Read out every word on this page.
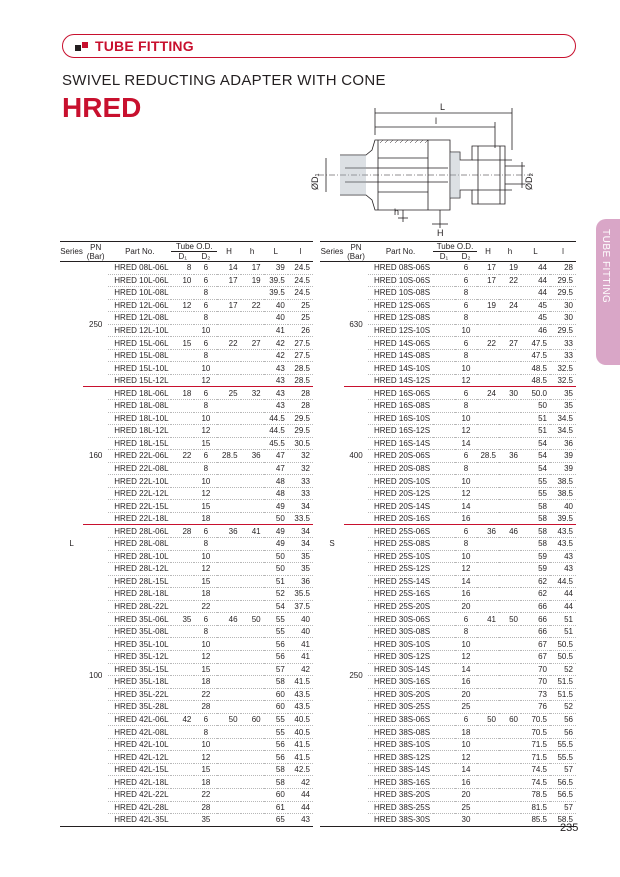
TUBE FITTING
SWIVEL REDUCTING ADAPTER WITH CONE
HRED
TUBE FITTING
L
l
ØD₁	ØD₂
h
H
Series	PN
(Bar)	Part No.	Tube O.D.		H	h	L	l
			D₁	D₂				
L	250	HRED 08L-06L	8	6	14	17	39	24.5
		HRED 10L-06L	10	6	17	19	39.5	24.5
		HRED 10L-08L		8			39.5	24.5
		HRED 12L-06L	12	6	17	22	40	25
		HRED 12L-08L		8			40	25
		HRED 12L-10L		10			41	26
		HRED 15L-06L	15	6	22	27	42	27.5
		HRED 15L-08L		8			42	27.5
		HRED 15L-10L		10			43	28.5
		HRED 15L-12L		12			43	28.5
	160	HRED 18L-06L	18	6	25	32	43	28
		HRED 18L-08L		8			43	28
		HRED 18L-10L		10			44.5	29.5
		HRED 18L-12L		12			44.5	29.5
		HRED 18L-15L		15			45.5	30.5
		HRED 22L-06L	22	6	28.5	36	47	32
		HRED 22L-08L		8			47	32
		HRED 22L-10L		10			48	33
		HRED 22L-12L		12			48	33
		HRED 22L-15L		15			49	34
		HRED 22L-18L		18			50	33.5
	100	HRED 28L-06L	28	6	36	41	49	34
		HRED 28L-08L		8			49	34
		HRED 28L-10L		10			50	35
		HRED 28L-12L		12			50	35
		HRED 28L-15L		15			51	36
		HRED 28L-18L		18			52	35.5
		HRED 28L-22L		22			54	37.5
		HRED 35L-06L	35	6	46	50	55	40
		HRED 35L-08L		8			55	40
		HRED 35L-10L		10			56	41
		HRED 35L-12L		12			56	41
		HRED 35L-15L		15			57	42
		HRED 35L-18L		18			58	41.5
		HRED 35L-22L		22			60	43.5
		HRED 35L-28L		28			60	43.5
		HRED 42L-06L	42	6	50	60	55	40.5
		HRED 42L-08L		8			55	40.5
		HRED 42L-10L		10			56	41.5
		HRED 42L-12L		12			56	41.5
		HRED 42L-15L		15			58	42.5
		HRED 42L-18L		18			58	42
		HRED 42L-22L		22			60	44
		HRED 42L-28L		28			61	44
		HRED 42L-35L		35			65	43
Series	PN
(Bar)	Part No.	Tube O.D.		H	h	L	l
			D₁	D₂				
S	630	HRED 08S-06S		6	17	19	44	28
		HRED 10S-06S		6	17	22	44	29.5
		HRED 10S-08S		8			44	29.5
		HRED 12S-06S		6	19	24	45	30
		HRED 12S-08S		8			45	30
		HRED 12S-10S		10			46	29.5
		HRED 14S-06S		6	22	27	47.5	33
		HRED 14S-08S		8			47.5	33
		HRED 14S-10S		10			48.5	32.5
		HRED 14S-12S		12			48.5	32.5
	400	HRED 16S-06S		6	24	30	50.0	35
		HRED 16S-08S		8			50	35
		HRED 16S-10S		10			51	34.5
		HRED 16S-12S		12			51	34.5
		HRED 16S-14S		14			54	36
		HRED 20S-06S		6	28.5	36	54	39
		HRED 20S-08S		8			54	39
		HRED 20S-10S		10			55	38.5
		HRED 20S-12S		12			55	38.5
		HRED 20S-14S		14			58	40
		HRED 20S-16S		16			58	39.5
	250	HRED 25S-06S		6	36	46	58	43.5
		HRED 25S-08S		8			58	43.5
		HRED 25S-10S		10			59	43
		HRED 25S-12S		12			59	43
		HRED 25S-14S		14			62	44.5
		HRED 25S-16S		16			62	44
		HRED 25S-20S		20			66	44
		HRED 30S-06S		6	41	50	66	51
		HRED 30S-08S		8			66	51
		HRED 30S-10S		10			67	50.5
		HRED 30S-12S		12			67	50.5
		HRED 30S-14S		14			70	52
		HRED 30S-16S		16			70	51.5
		HRED 30S-20S		20			73	51.5
		HRED 30S-25S		25			76	52
		HRED 38S-06S		6	50	60	70.5	56
		HRED 38S-08S		18			70.5	56
		HRED 38S-10S		10			71.5	55.5
		HRED 38S-12S		12			71.5	55.5
		HRED 38S-14S		14			74.5	57
		HRED 38S-16S		16			74.5	56.5
		HRED 38S-20S		20			78.5	56.5
		HRED 38S-25S		25			81.5	57
		HRED 38S-30S		30			85.5	58.5
235
